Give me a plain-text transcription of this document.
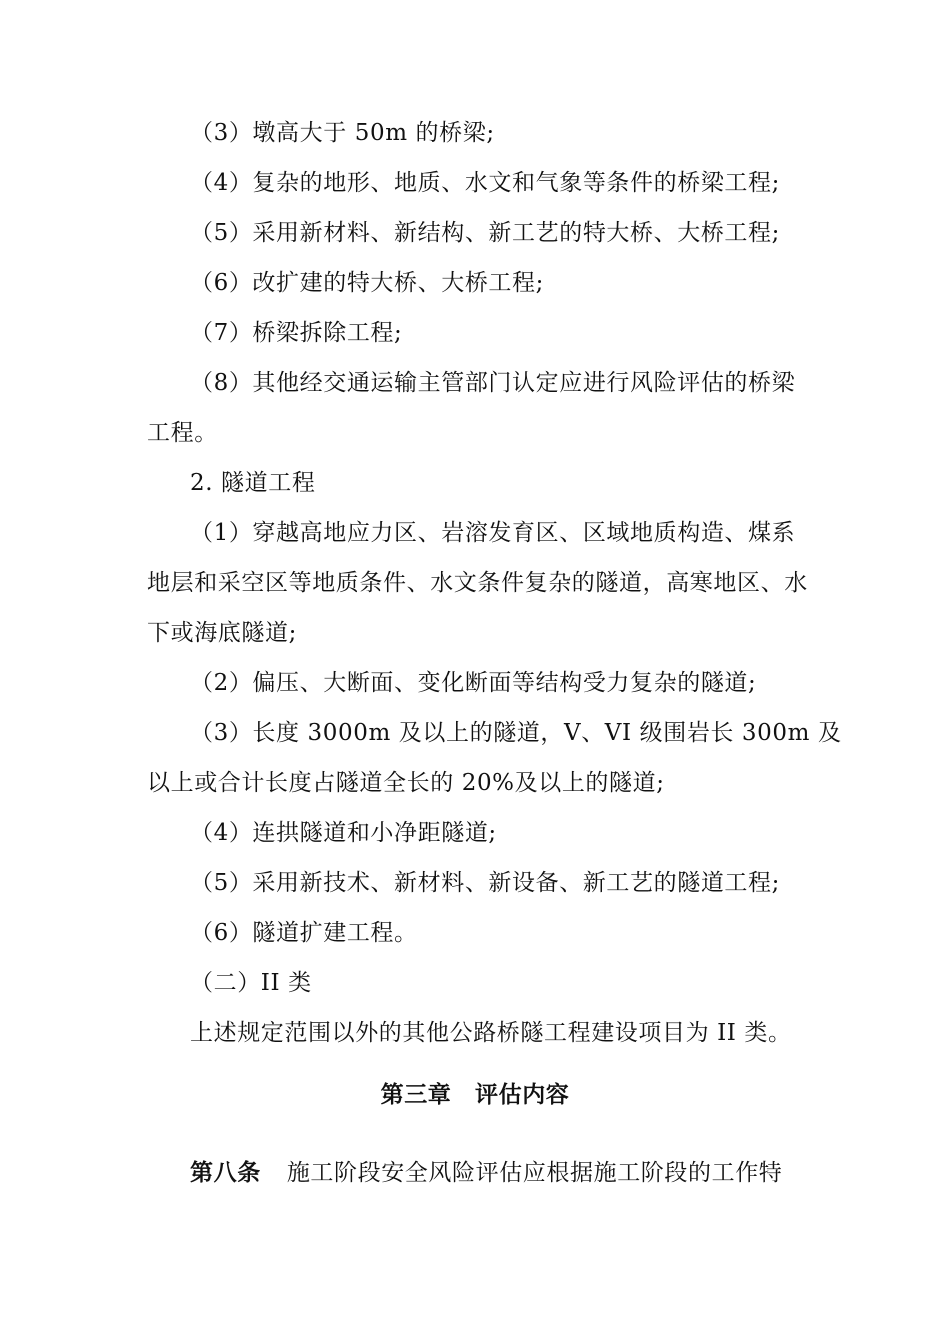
（3）墩高大于 50m 的桥梁;
（4）复杂的地形、地质、水文和气象等条件的桥梁工程;
（5）采用新材料、新结构、新工艺的特大桥、大桥工程;
（6）改扩建的特大桥、大桥工程;
（7）桥梁拆除工程;
（8）其他经交通运输主管部门认定应进行风险评估的桥梁
工程。
2. 隧道工程
（1）穿越高地应力区、岩溶发育区、区域地质构造、煤系
地层和采空区等地质条件、水文条件复杂的隧道，高寒地区、水
下或海底隧道;
（2）偏压、大断面、变化断面等结构受力复杂的隧道;
（3）长度 3000m 及以上的隧道，V、VI 级围岩长 300m 及
以上或合计长度占隧道全长的 20%及以上的隧道;
（4）连拱隧道和小净距隧道;
（5）采用新技术、新材料、新设备、新工艺的隧道工程;
（6）隧道扩建工程。
（二）II 类
上述规定范围以外的其他公路桥隧工程建设项目为 II 类。
第三章　评估内容
第八条 施工阶段安全风险评估应根据施工阶段的工作特
